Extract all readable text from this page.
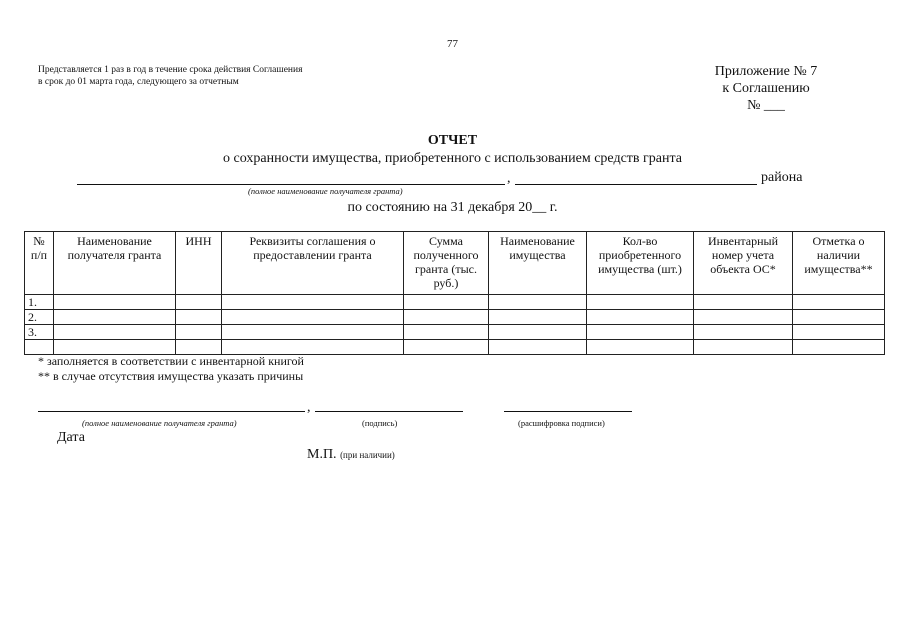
77
Представляется 1 раз в год в течение срока действия Соглашения
в срок до 01 марта года, следующего за отчетным
Приложение № 7
к Соглашению
№ ___
ОТЧЕТ
о сохранности имущества, приобретенного с использованием средств гранта
,	района
(полное наименование получателя гранта)
по состоянию на 31 декабря 20__ г.
№ п/п	Наименование получателя гранта	ИНН	Реквизиты соглашения о предоставлении гранта	Сумма полученного гранта (тыс. руб.)	Наименование имущества	Кол-во приобретенного имущества (шт.)	Инвентарный номер учета объекта ОС*	Отметка о наличии имущества**
1.								
2.								
3.								

* заполняется в соответствии с инвентарной книгой
** в случае отсутствия имущества указать причины
,
(полное наименование получателя гранта)	(подпись)	(расшифровка подписи)
Дата
М.П. (при наличии)
